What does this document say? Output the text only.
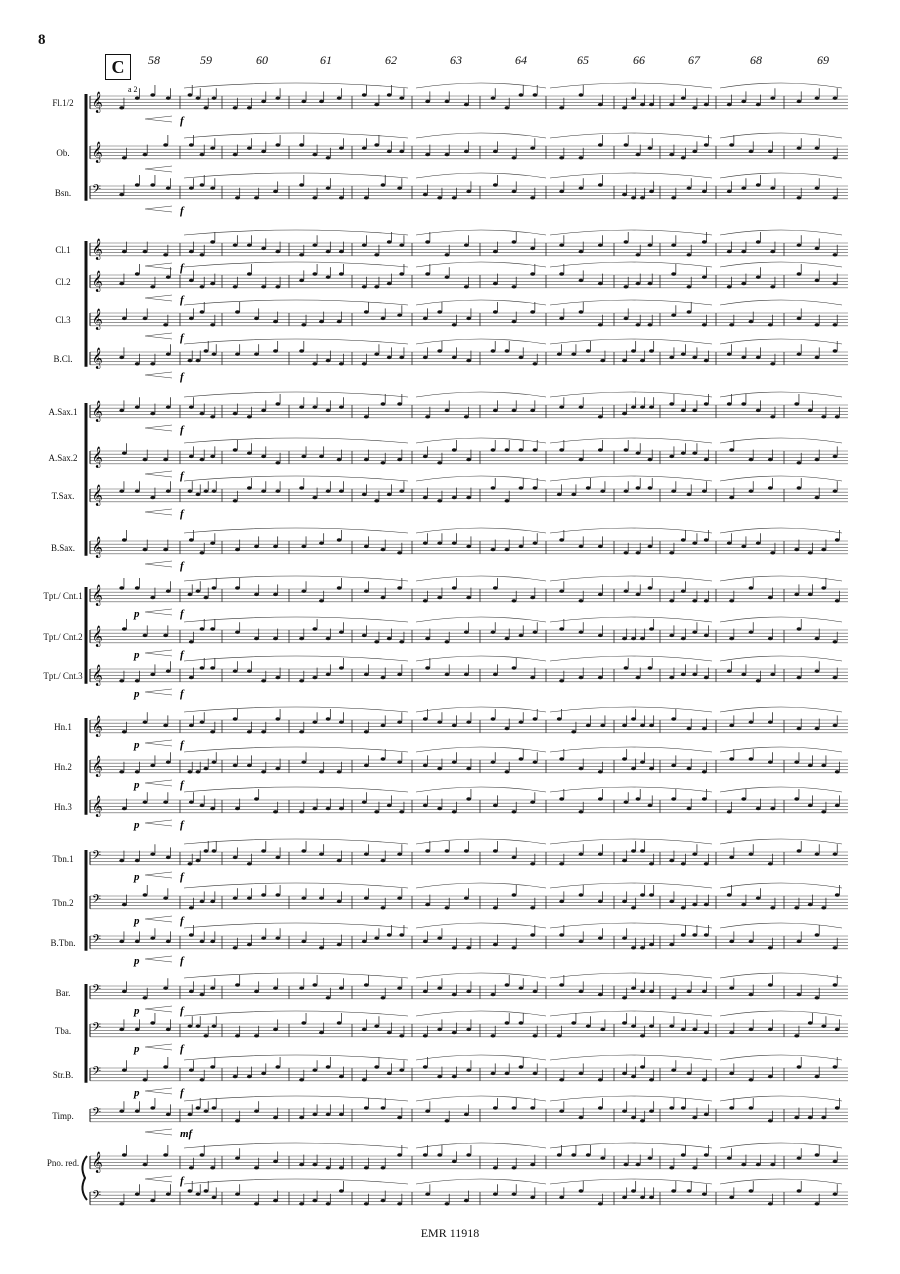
8
C	58	59	60	61	62	63	64	65	66	67	68	69
Fl.1/2
Ob.
Bsn.
Cl.1
Cl.2
Cl.3
B.Cl.
A.Sax.1
A.Sax.2
T.Sax.
B.Sax.
Tpt./ Cnt.1
Tpt./ Cnt.2
Tpt./ Cnt.3
Hn.1
Hn.2
Hn.3
Tbn.1
Tbn.2
B.Tbn.
Bar.
Tba.
Str.B.
Timp.
Pno. red.
𝄞
𝄞
𝄢
𝄞
𝄞
𝄞
𝄞
𝄞
𝄞
𝄞
𝄞
𝄞
𝄞
𝄞
𝄞
𝄞
𝄞
𝄢
𝄢
𝄢
𝄢
𝄢
𝄢
𝄢
𝄞
𝄢
f
f
f
f
f
f
f
f
f
f
p	f
p	f
p	f
p	f
p	f
p	f
p	f
p	f
p	f
p	f
p	f
p	f
mf
f
a 2
EMR 11918
